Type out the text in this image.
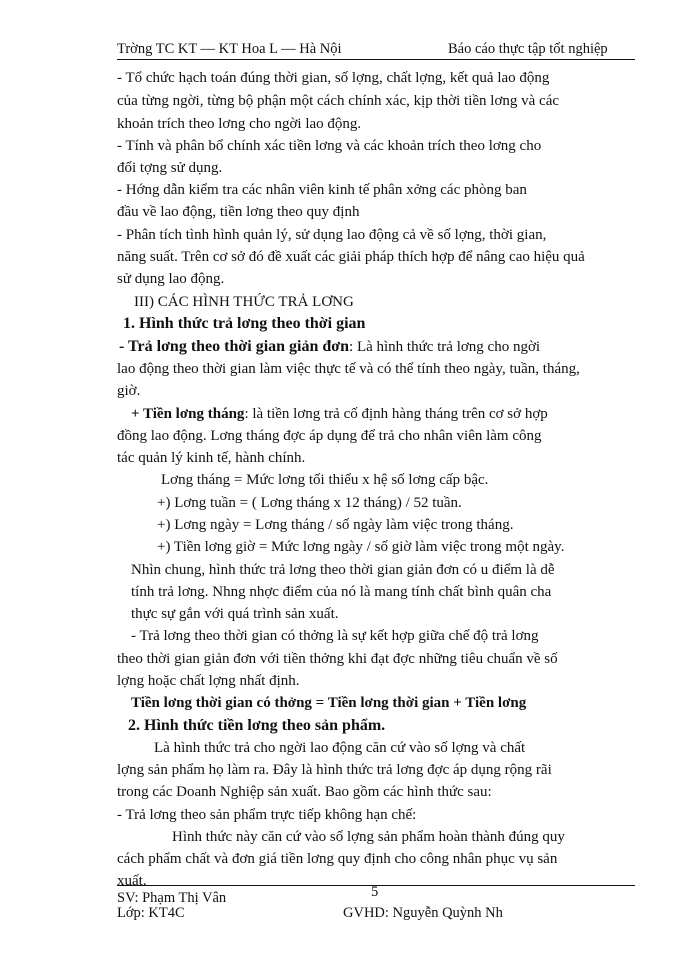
Trờng TC KT — KT Hoa L — Hà Nội	Báo cáo thực tập tốt nghiệp
- Tổ chức hạch toán đúng thời gian, số lợng, chất lợng, kết quả lao động
của từng ngời, từng bộ phận một cách chính xác, kịp thời tiền lơng và các
khoản trích theo lơng cho ngời lao động.
- Tính và phân bổ chính xác tiền lơng và các khoản trích theo lơng cho
đối tợng sử dụng.
- Hớng dẫn kiểm tra các nhân viên kinh tế phân xởng các phòng ban
đầu về lao động, tiền lơng theo quy định
- Phân tích tình hình quản lý, sử dụng lao động cả về số lợng, thời gian,
năng suất. Trên cơ sở đó đề xuất các giải pháp thích hợp để nâng cao hiệu quả
sử dụng lao động.
III) CÁC HÌNH THỨC TRẢ LƠNG
1. Hình thức trả lơng theo thời gian
- Trả lơng theo thời gian giản đơn: Là hình thức trả lơng cho ngời
lao động theo thời gian làm việc thực tế và có thể tính theo ngày, tuần, tháng,
giờ.
+ Tiền lơng tháng: là tiền lơng trả cố định hàng tháng trên cơ sở hợp
đồng lao động. Lơng tháng đợc áp dụng để trả cho nhân viên làm công
tác quản lý kinh tế, hành chính.
Lơng tháng = Mức lơng tối thiểu x hệ số lơng cấp bậc.
+) Lơng tuần = ( Lơng tháng x 12 tháng) / 52 tuần.
+) Lơng ngày = Lơng tháng / số ngày làm việc trong tháng.
+) Tiền lơng giờ = Mức lơng ngày / số giờ làm việc trong một ngày.
Nhìn chung, hình thức trả lơng theo thời gian giản đơn có u điểm là dễ
tính trả lơng. Nhng nhợc điểm của nó là mang tính chất bình quân cha
thực sự gắn với quá trình sản xuất.
- Trả lơng theo thời gian có thởng là sự kết hợp giữa chế độ trả lơng
theo thời gian giản đơn với tiền thởng khi đạt đợc những tiêu chuẩn về số
lợng hoặc chất lợng nhất định.
Tiền lơng thời gian có thởng = Tiền lơng thời gian + Tiền lơng
2. Hình thức tiền lơng theo sản phẩm.
Là hình thức trả cho ngời lao động căn cứ vào số lợng và chất
lợng sản phẩm họ làm ra. Đây là hình thức trả lơng đợc áp dụng rộng rãi
trong các Doanh Nghiệp sản xuất. Bao gồm các hình thức sau:
- Trả lơng theo sản phẩm trực tiếp không hạn chế:
Hình thức này căn cứ vào số lợng sản phẩm hoàn thành đúng quy
cách phẩm chất và đơn giá tiền lơng quy định cho công nhân phục vụ sản
xuất.
SV: Phạm Thị Vân	5
Lớp: KT4C	GVHD: Nguyễn Quỳnh Nh
